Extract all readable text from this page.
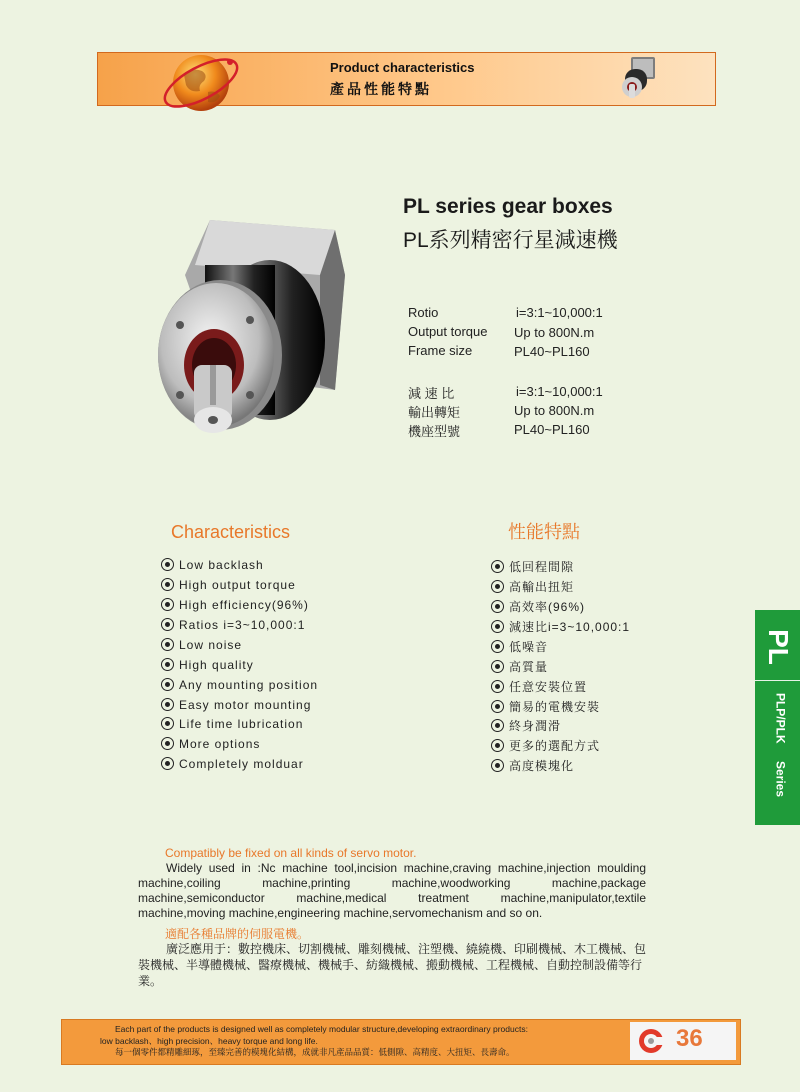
Product characteristics
產品性能特點
PL series gear boxes
PL系列精密行星減速機
Rotio	i=3:1~10,000:1
Output torque Up to 800N.m
Frame size	PL40~PL160
減 速 比	i=3:1~10,000:1
輸出轉矩	Up to 800N.m
機座型號	PL40~PL160
Characteristics	性能特點
Low backlash
High output torque
High efficiency(96%)
Ratios i=3~10,000:1
Low noise
High quality
Any mounting position
Easy motor mounting
Life time lubrication
More options
Completely molduar
低回程間隙
高輸出扭矩
高效率(96%)
減速比i=3~10,000:1
低噪音
高質量
任意安裝位置
簡易的電機安裝
終身潤滑
更多的選配方式
高度模塊化
PL
PLP/PLK Series
Compatibly be fixed on all kinds of servo motor.
Widely used in :Nc machine tool,incision machine,craving machine,injection moulding machine,coiling machine,printing machine,woodworking machine,package machine,semiconductor machine,medical treatment machine,manipulator,textile machine,moving machine,engineering machine,servomechanism and so on.
適配各種品牌的伺服電機。
廣泛應用于：數控機床、切割機械、雕刻機械、注塑機、繞繞機、印刷機械、木工機械、包裝機械、半導體機械、醫療機械、機械手、紡織機械、搬動機械、工程機械、自動控制設備等行業。
Each part of the products is designed well as completely modular structure,developing extraordinary products:
low backlash、high precision、heavy torque and long life.
每一個零件都精雕細琢，至臻完善的模塊化結構，成就非凡產品品質：低側隙、高精度、大扭矩、長壽命。	36
